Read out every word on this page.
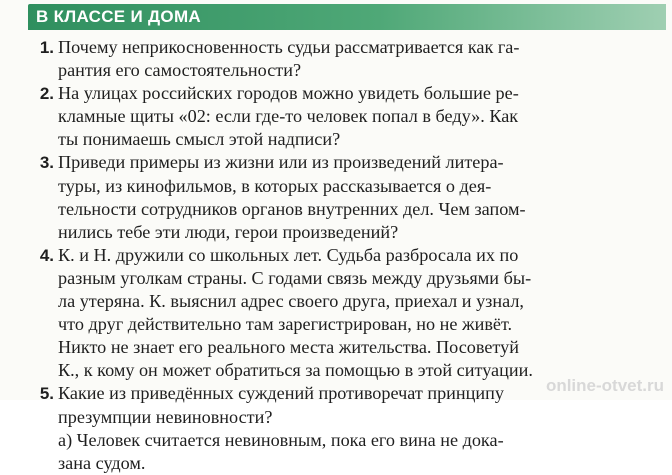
В КЛАССЕ И ДОМА
1. Почему неприкосновенность судьи рассматривается как га-
рантия его самостоятельности?
2. На улицах российских городов можно увидеть большие ре-
кламные щиты «02: если где-то человек попал в беду». Как
ты понимаешь смысл этой надписи?
3. Приведи примеры из жизни или из произведений литера-
туры, из кинофильмов, в которых рассказывается о дея-
тельности сотрудников органов внутренних дел. Чем запом-
нились тебе эти люди, герои произведений?
4. К. и Н. дружили со школьных лет. Судьба разбросала их по
разным уголкам страны. С годами связь между друзьями бы-
ла утеряна. К. выяснил адрес своего друга, приехал и узнал,
что друг действительно там зарегистрирован, но не живёт.
Никто не знает его реального места жительства. Посоветуй
К., к кому он может обратиться за помощью в этой ситуации.
5. Какие из приведённых суждений противоречат принципу
презумпции невиновности?
а) Человек считается невиновным, пока его вина не дока-
зана судом.
online-otvet.ru
